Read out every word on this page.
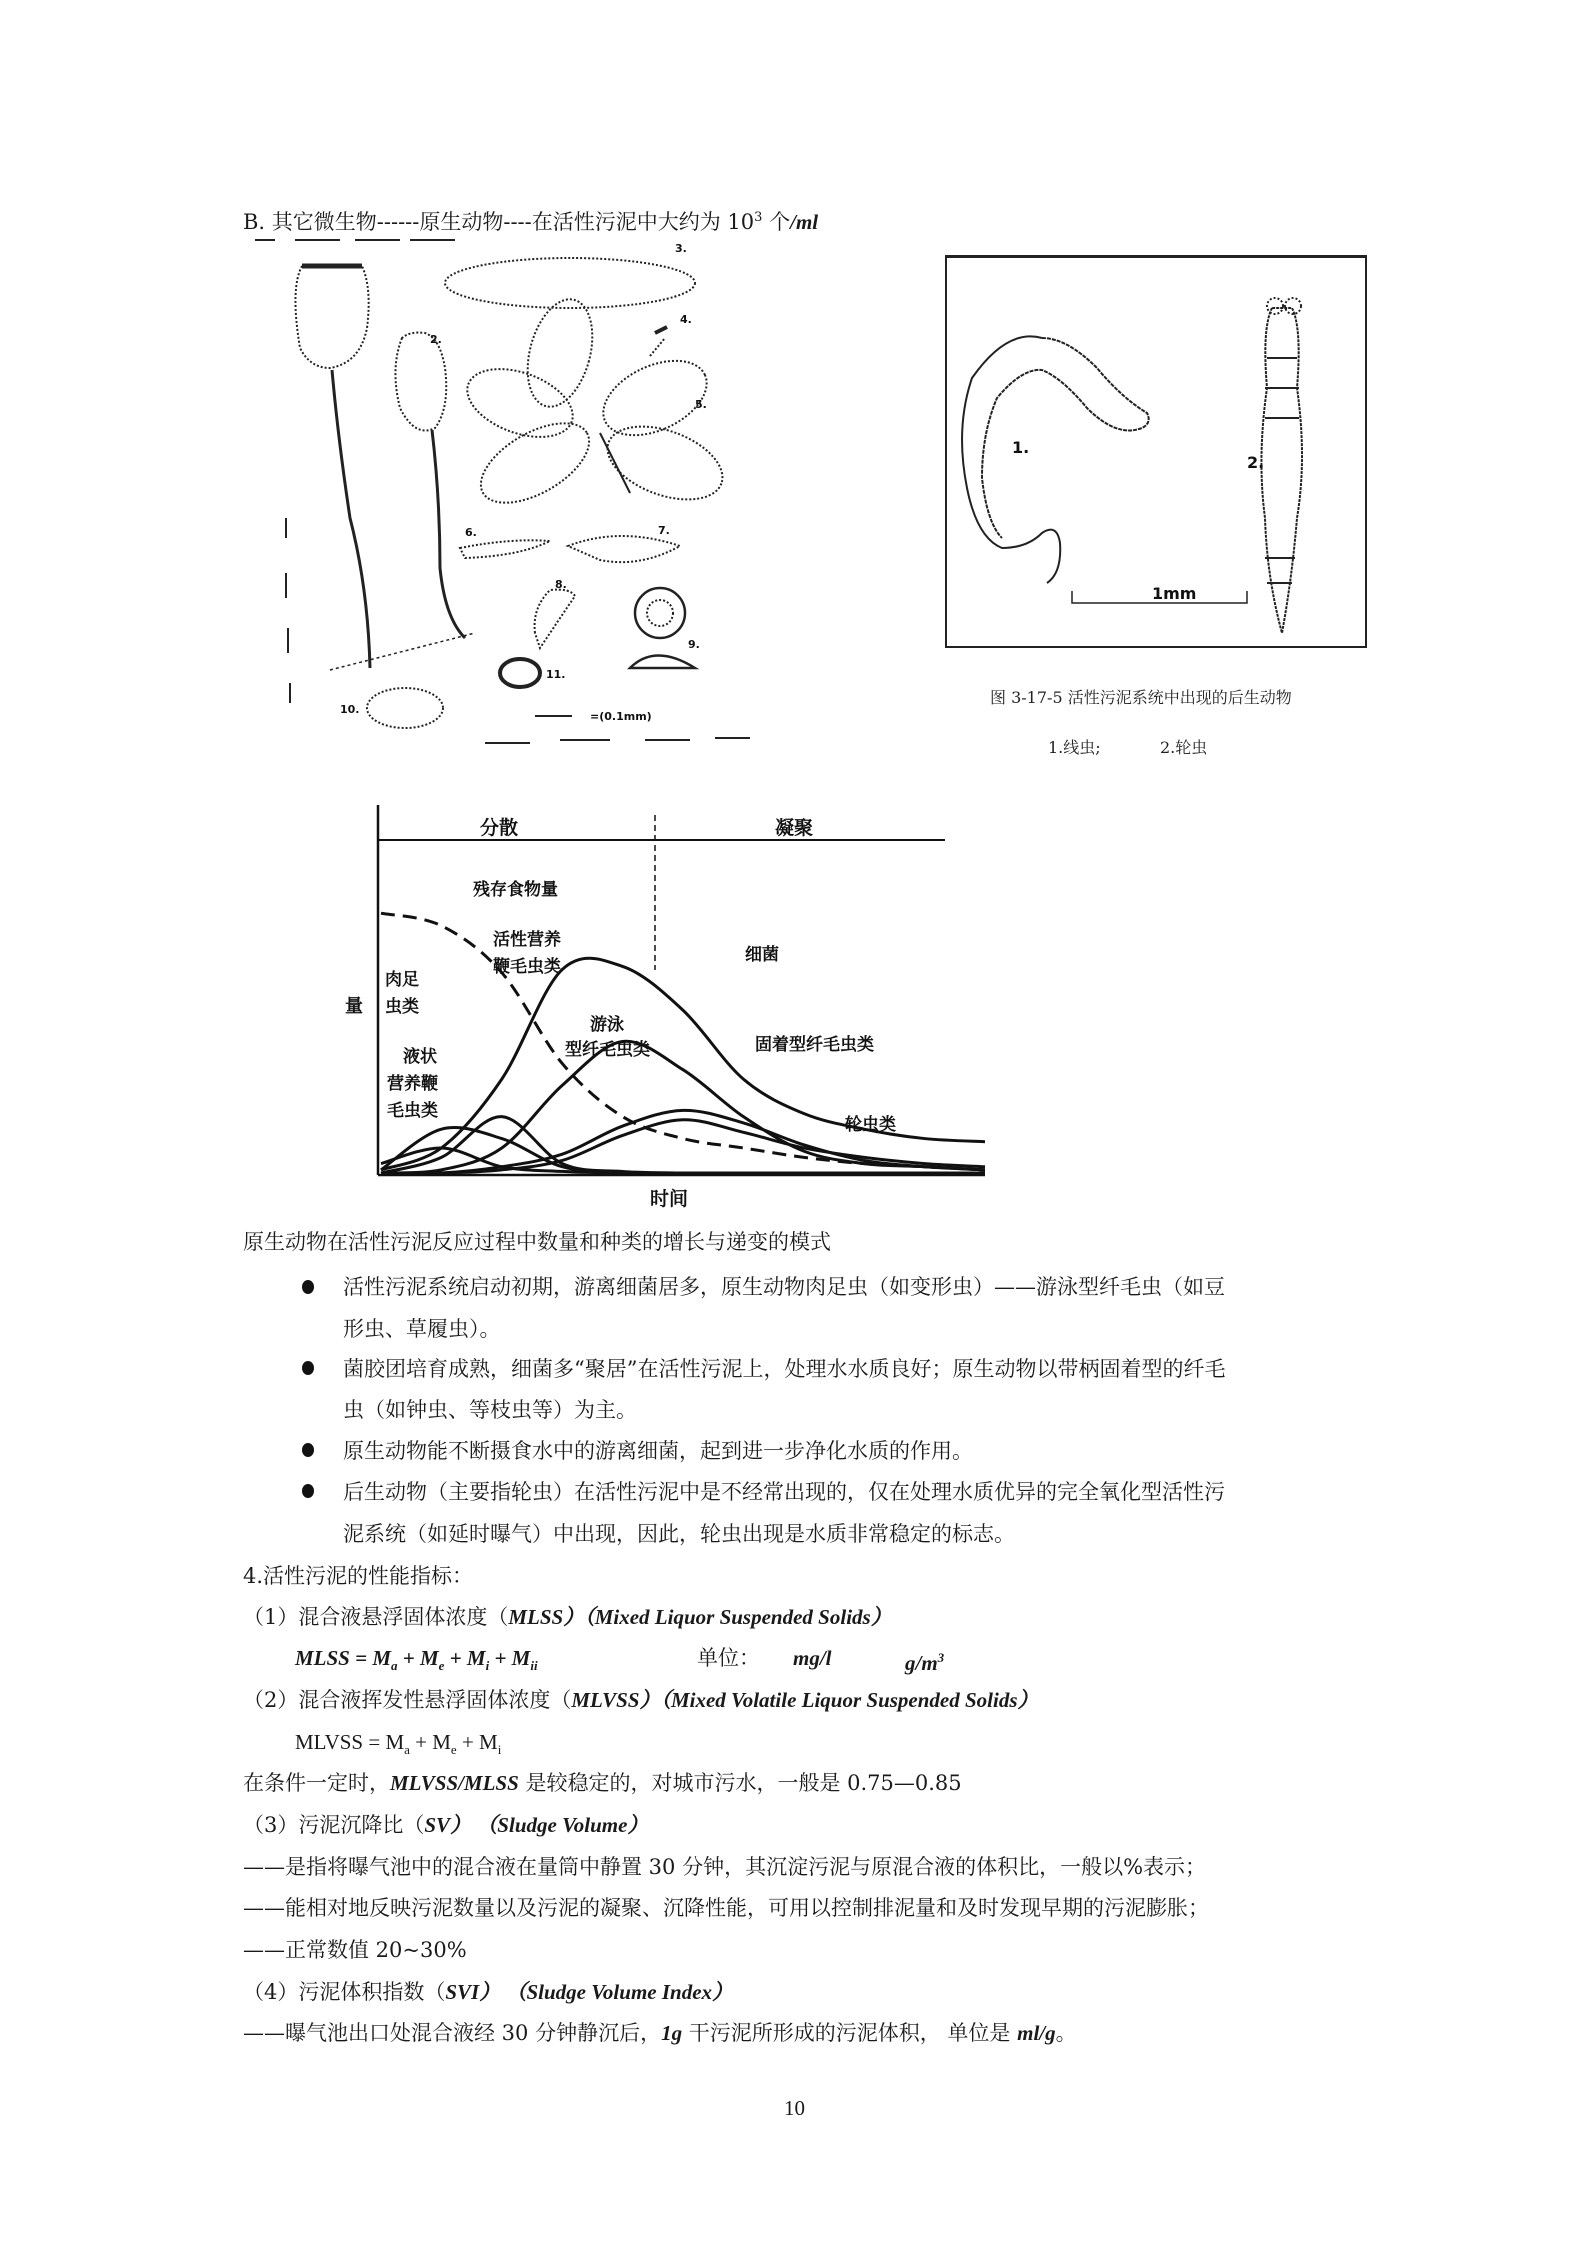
B. 其它微生物------原生动物----在活性污泥中大约为 $10^3$ 个/ml
2.
3.
4.
5.
6.	7.
8.
9.
10.
11.
=(0.1mm)
1.
2.
1mm
图 3-17-5 活性污泥系统中出现的后生动物
1.线虫;	2.轮虫
分散	凝聚
量
时间
残存食物量
肉足
虫类
液状
营养鞭
毛虫类
活性营养
鞭毛虫类
细菌
游泳
型纤毛虫类	固着型纤毛虫类
轮虫类
原生动物在活性污泥反应过程中数量和种类的增长与递变的模式
活性污泥系统启动初期，游离细菌居多，原生动物肉足虫（如变形虫）——游泳型纤毛虫（如豆
形虫、草履虫）。
菌胶团培育成熟，细菌多“聚居”在活性污泥上，处理水水质良好；原生动物以带柄固着型的纤毛
虫（如钟虫、等枝虫等）为主。
原生动物能不断摄食水中的游离细菌，起到进一步净化水质的作用。
后生动物（主要指轮虫）在活性污泥中是不经常出现的，仅在处理水质优异的完全氧化型活性污
泥系统（如延时曝气）中出现，因此，轮虫出现是水质非常稳定的标志。
4.活性污泥的性能指标：
（1）混合液悬浮固体浓度（MLSS）（Mixed Liquor Suspended Solids）
MLSS = $M_a + M_e + M_i + M_{ii}$	单位： mg/l	$g/m^3$
（2）混合液挥发性悬浮固体浓度（MLVSS）（Mixed Volatile Liquor Suspended Solids）
MLVSS = $M_a + M_e + M_i$
在条件一定时，MLVSS/MLSS 是较稳定的，对城市污水，一般是 0.75—0.85
（3）污泥沉降比（SV） （Sludge Volume）
——是指将曝气池中的混合液在量筒中静置 30 分钟，其沉淀污泥与原混合液的体积比，一般以%表示；
——能相对地反映污泥数量以及污泥的凝聚、沉降性能，可用以控制排泥量和及时发现早期的污泥膨胀；
——正常数值 20~30%
（4）污泥体积指数（SVI） （Sludge Volume Index）
——曝气池出口处混合液经 30 分钟静沉后，1g 干污泥所形成的污泥体积， 单位是 ml/g。
10
